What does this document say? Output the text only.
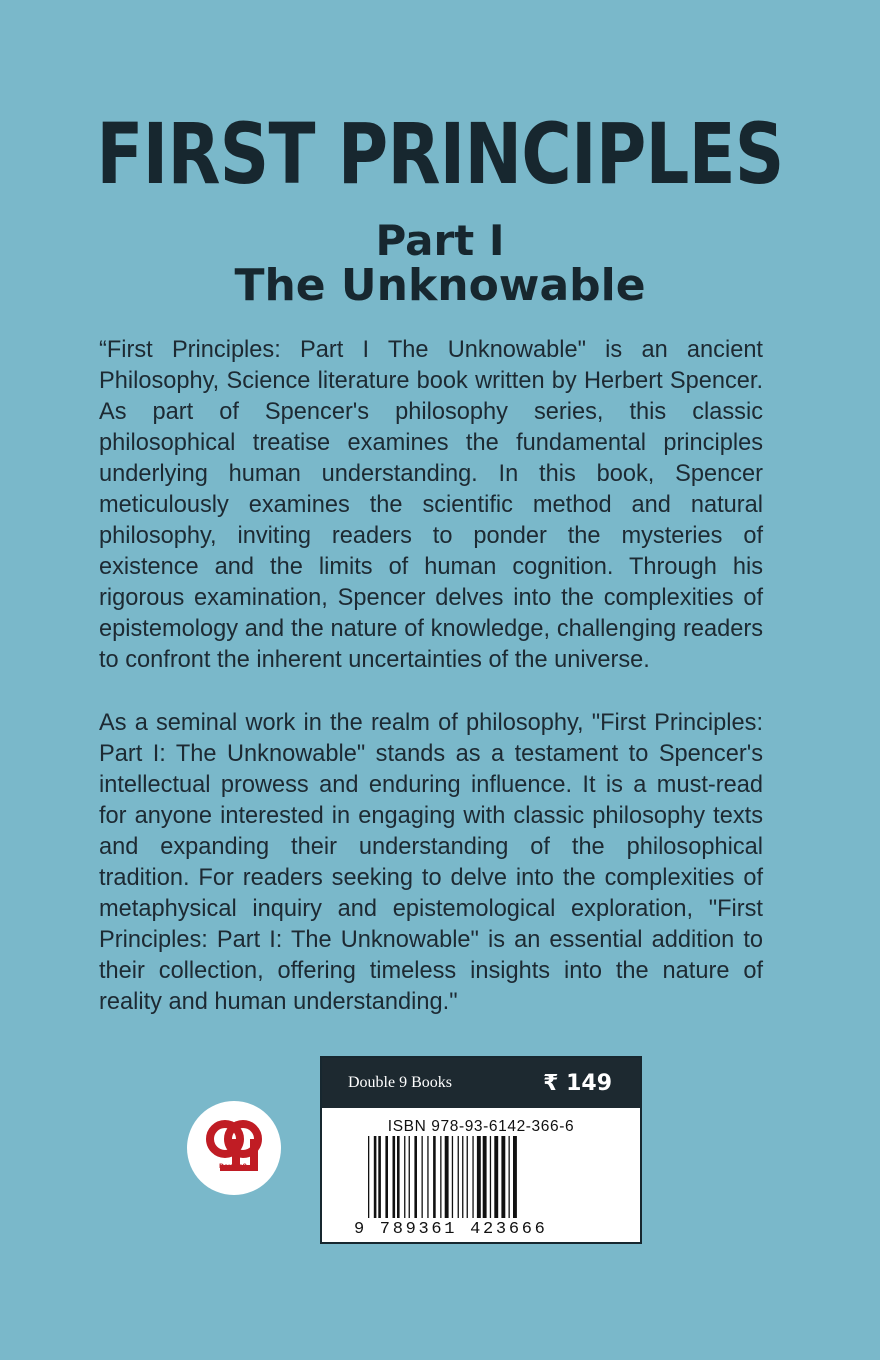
FIRST PRINCIPLES
Part I
The Unknowable

“First Principles: Part I The Unknowable" is an ancient Philosophy, Science literature book written by Herbert Spencer. As part of Spencer's philosophy series, this classic philosophical treatise examines the fundamental principles underlying human understanding. In this book, Spencer meticulously examines the scientific method and natural philosophy, inviting readers to ponder the mysteries of existence and the limits of human cognition. Through his rigorous examination, Spencer delves into the complexities of epistemology and the nature of knowledge, challenging readers to confront the inherent uncertainties of the universe.

As a seminal work in the realm of philosophy, "First Principles: Part I: The Unknowable" stands as a testament to Spencer's intellectual prowess and enduring influence. It is a must-read for anyone interested in engaging with classic philosophy texts and expanding their understanding of the philosophical tradition. For readers seeking to delve into the complexities of metaphysical inquiry and epistemological exploration, "First Principles: Part I: The Unknowable" is an essential addition to their collection, offering timeless insights into the nature of reality and human understanding."

Double9
Double 9 Books	₹ 149
ISBN 978-93-6142-366-6
9 789361 423666
